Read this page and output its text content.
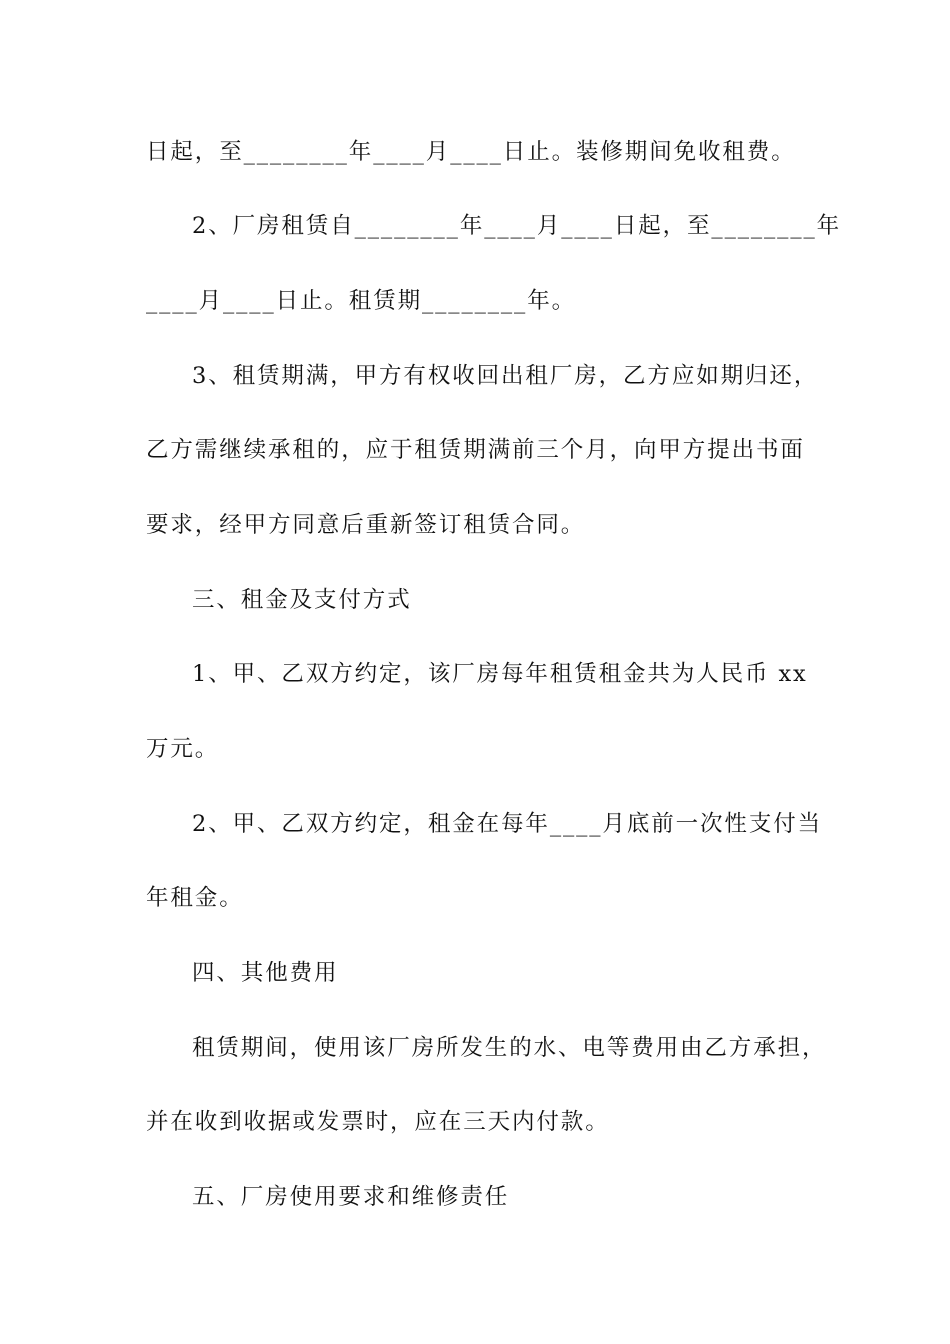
日起，至________年____月____日止。装修期间免收租费。
2、厂房租赁自________年____月____日起，至________年
____月____日止。租赁期________年。
3、租赁期满，甲方有权收回出租厂房，乙方应如期归还，
乙方需继续承租的，应于租赁期满前三个月，向甲方提出书面
要求，经甲方同意后重新签订租赁合同。
三、租金及支付方式
1、甲、乙双方约定，该厂房每年租赁租金共为人民币 xx
万元。
2、甲、乙双方约定，租金在每年____月底前一次性支付当
年租金。
四、其他费用
租赁期间，使用该厂房所发生的水、电等费用由乙方承担，
并在收到收据或发票时，应在三天内付款。
五、厂房使用要求和维修责任
